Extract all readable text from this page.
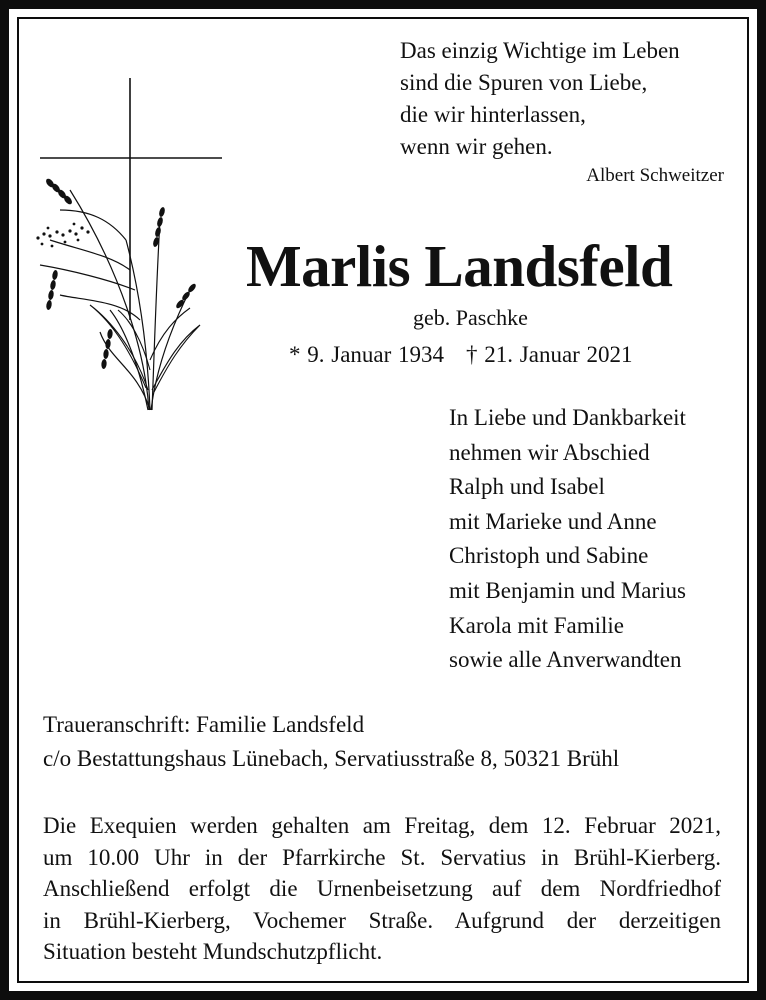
Das einzig Wichtige im Leben
sind die Spuren von Liebe,
die wir hinterlassen,
wenn wir gehen.
Albert Schweitzer
Marlis Landsfeld
geb. Paschke
* 9. Januar 1934 † 21. Januar 2021
In Liebe und Dankbarkeit
nehmen wir Abschied
Ralph und Isabel
mit Marieke und Anne
Christoph und Sabine
mit Benjamin und Marius
Karola mit Familie
sowie alle Anverwandten
Traueranschrift: Familie Landsfeld
c/o Bestattungshaus Lünebach, Servatiusstraße 8, 50321 Brühl
Die Exequien werden gehalten am Freitag, dem 12. Februar 2021,
um 10.00 Uhr in der Pfarrkirche St. Servatius in Brühl-Kierberg.
Anschließend erfolgt die Urnenbeisetzung auf dem Nordfriedhof
in Brühl-Kierberg, Vochemer Straße. Aufgrund der derzeitigen
Situation besteht Mundschutzpflicht.
